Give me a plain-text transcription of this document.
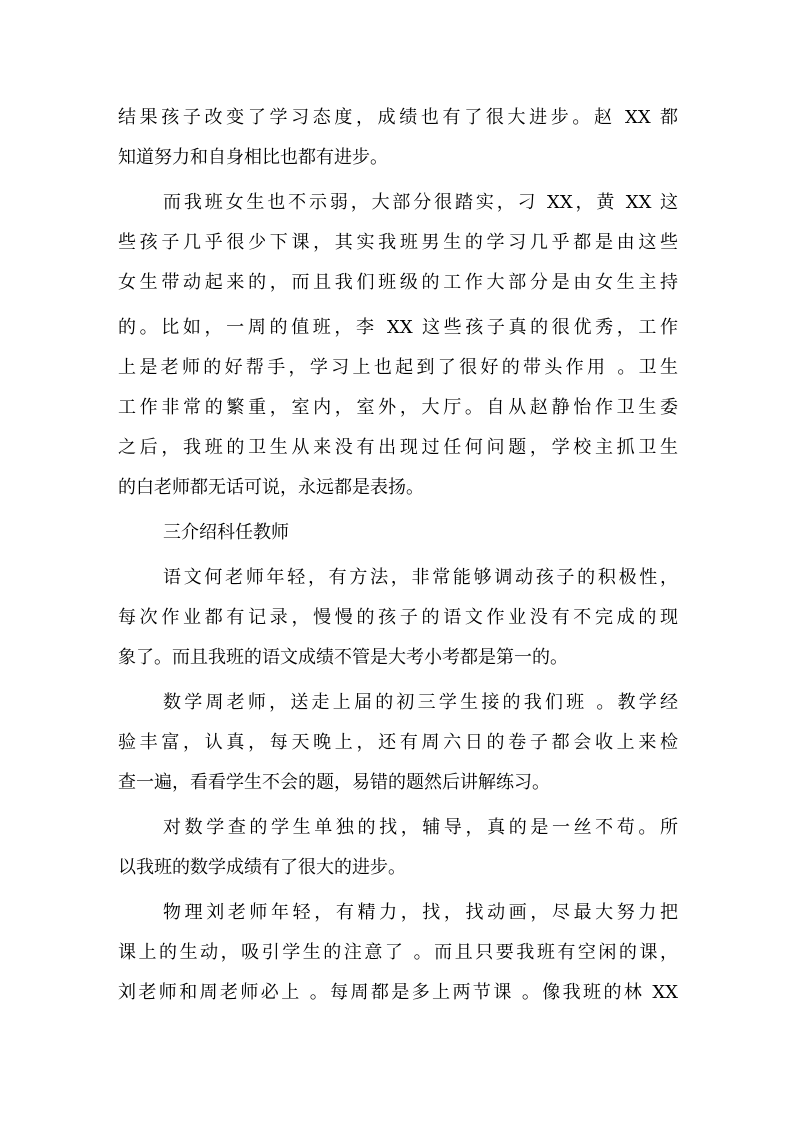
结果孩子改变了学习态度，成绩也有了很大进步。赵 XX 都
知道努力和自身相比也都有进步。
而我班女生也不示弱，大部分很踏实，刁 XX，黄 XX 这
些孩子几乎很少下课，其实我班男生的学习几乎都是由这些
女生带动起来的，而且我们班级的工作大部分是由女生主持
的。比如，一周的值班，李 XX 这些孩子真的很优秀，工作
上是老师的好帮手，学习上也起到了很好的带头作用 。卫生
工作非常的繁重，室内，室外，大厅。自从赵静怡作卫生委
之后，我班的卫生从来没有出现过任何问题，学校主抓卫生
的白老师都无话可说，永远都是表扬。
三介绍科任教师
语文何老师年轻，有方法，非常能够调动孩子的积极性，
每次作业都有记录，慢慢的孩子的语文作业没有不完成的现
象了。而且我班的语文成绩不管是大考小考都是第一的。
数学周老师，送走上届的初三学生接的我们班 。教学经
验丰富，认真，每天晚上，还有周六日的卷子都会收上来检
查一遍，看看学生不会的题，易错的题然后讲解练习。
对数学查的学生单独的找，辅导，真的是一丝不苟。所
以我班的数学成绩有了很大的进步。
物理刘老师年轻，有精力，找，找动画，尽最大努力把
课上的生动，吸引学生的注意了 。而且只要我班有空闲的课，
刘老师和周老师必上 。每周都是多上两节课 。像我班的林 XX
